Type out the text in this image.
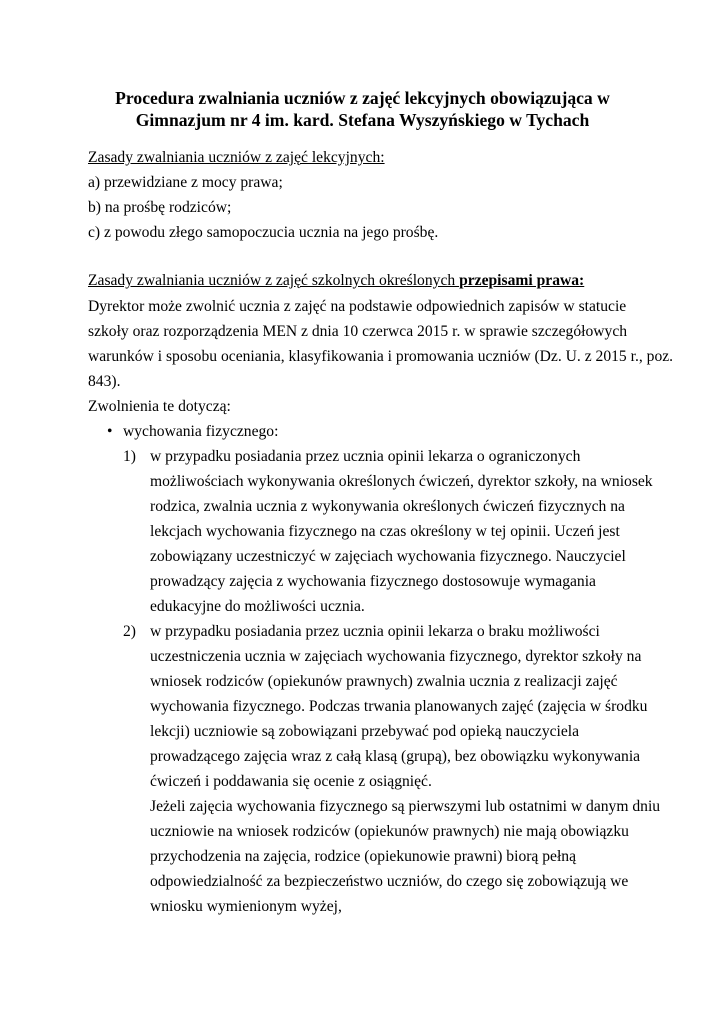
Procedura zwalniania uczniów z zajęć lekcyjnych obowiązująca w
Gimnazjum nr 4 im. kard. Stefana Wyszyńskiego w Tychach
Zasady zwalniania uczniów z zajęć lekcyjnych:
a) przewidziane z mocy prawa;
b) na prośbę rodziców;
c) z powodu złego samopoczucia ucznia na jego prośbę.
Zasady zwalniania uczniów z zajęć szkolnych określonych przepisami prawa:
Dyrektor może zwolnić ucznia z zajęć na podstawie odpowiednich zapisów w statucie
szkoły oraz rozporządzenia MEN z dnia 10 czerwca 2015 r. w sprawie szczegółowych
warunków i sposobu oceniania, klasyfikowania i promowania uczniów (Dz. U. z 2015 r., poz.
843).
Zwolnienia te dotyczą:
• wychowania fizycznego:
1) w przypadku posiadania przez ucznia opinii lekarza o ograniczonych
możliwościach wykonywania określonych ćwiczeń, dyrektor szkoły, na wniosek
rodzica, zwalnia ucznia z wykonywania określonych ćwiczeń fizycznych na
lekcjach wychowania fizycznego na czas określony w tej opinii. Uczeń jest
zobowiązany uczestniczyć w zajęciach wychowania fizycznego. Nauczyciel
prowadzący zajęcia z wychowania fizycznego dostosowuje wymagania
edukacyjne do możliwości ucznia.
2) w przypadku posiadania przez ucznia opinii lekarza o braku możliwości
uczestniczenia ucznia w zajęciach wychowania fizycznego, dyrektor szkoły na
wniosek rodziców (opiekunów prawnych) zwalnia ucznia z realizacji zajęć
wychowania fizycznego. Podczas trwania planowanych zajęć (zajęcia w środku
lekcji) uczniowie są zobowiązani przebywać pod opieką nauczyciela
prowadzącego zajęcia wraz z całą klasą (grupą), bez obowiązku wykonywania
ćwiczeń i poddawania się ocenie z osiągnięć.
Jeżeli zajęcia wychowania fizycznego są pierwszymi lub ostatnimi w danym dniu
uczniowie na wniosek rodziców (opiekunów prawnych) nie mają obowiązku
przychodzenia na zajęcia, rodzice (opiekunowie prawni) biorą pełną
odpowiedzialność za bezpieczeństwo uczniów, do czego się zobowiązują we
wniosku wymienionym wyżej,
